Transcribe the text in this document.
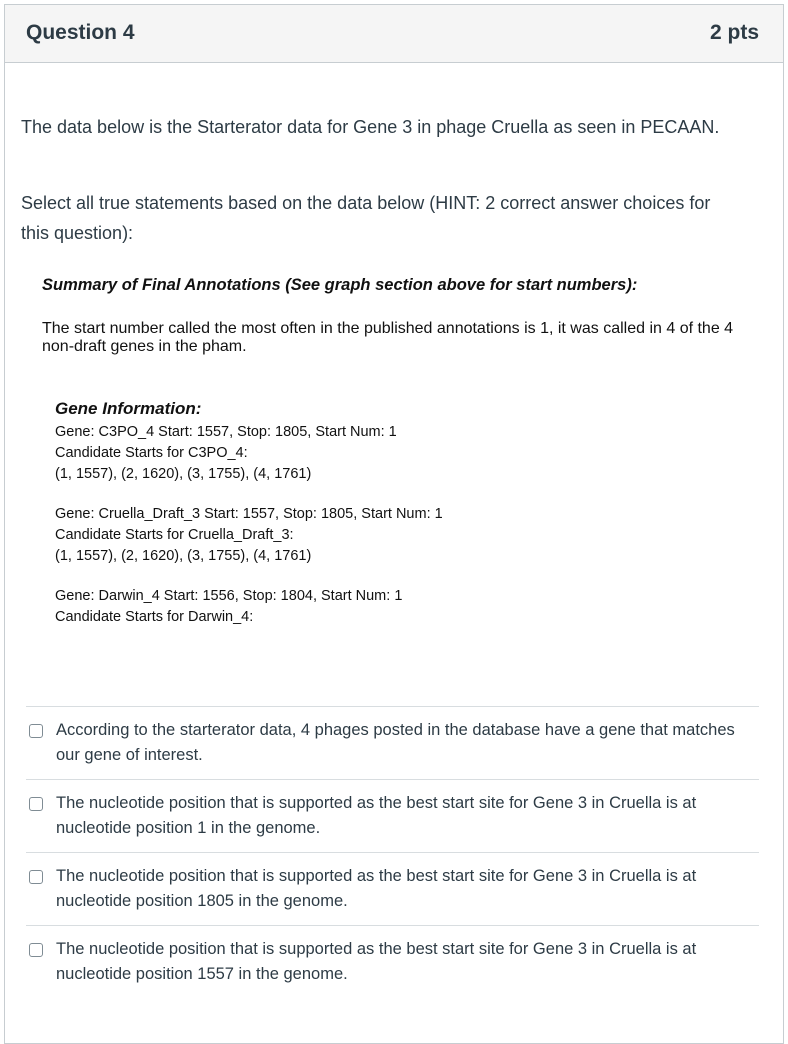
Question 4	2 pts
The data below is the Starterator data for Gene 3 in phage Cruella as seen in PECAAN.
Select all true statements based on the data below (HINT: 2 correct answer choices for this question):
Summary of Final Annotations (See graph section above for start numbers):
The start number called the most often in the published annotations is 1, it was called in 4 of the 4 non-draft genes in the pham.
Gene Information:
Gene: C3PO_4 Start: 1557, Stop: 1805, Start Num: 1
Candidate Starts for C3PO_4:
(1, 1557), (2, 1620), (3, 1755), (4, 1761)
Gene: Cruella_Draft_3 Start: 1557, Stop: 1805, Start Num: 1
Candidate Starts for Cruella_Draft_3:
(1, 1557), (2, 1620), (3, 1755), (4, 1761)
Gene: Darwin_4 Start: 1556, Stop: 1804, Start Num: 1
Candidate Starts for Darwin_4:
According to the starterator data, 4 phages posted in the database have a gene that matches our gene of interest.
The nucleotide position that is supported as the best start site for Gene 3 in Cruella is at nucleotide position 1 in the genome.
The nucleotide position that is supported as the best start site for Gene 3 in Cruella is at nucleotide position 1805 in the genome.
The nucleotide position that is supported as the best start site for Gene 3 in Cruella is at nucleotide position 1557 in the genome.
